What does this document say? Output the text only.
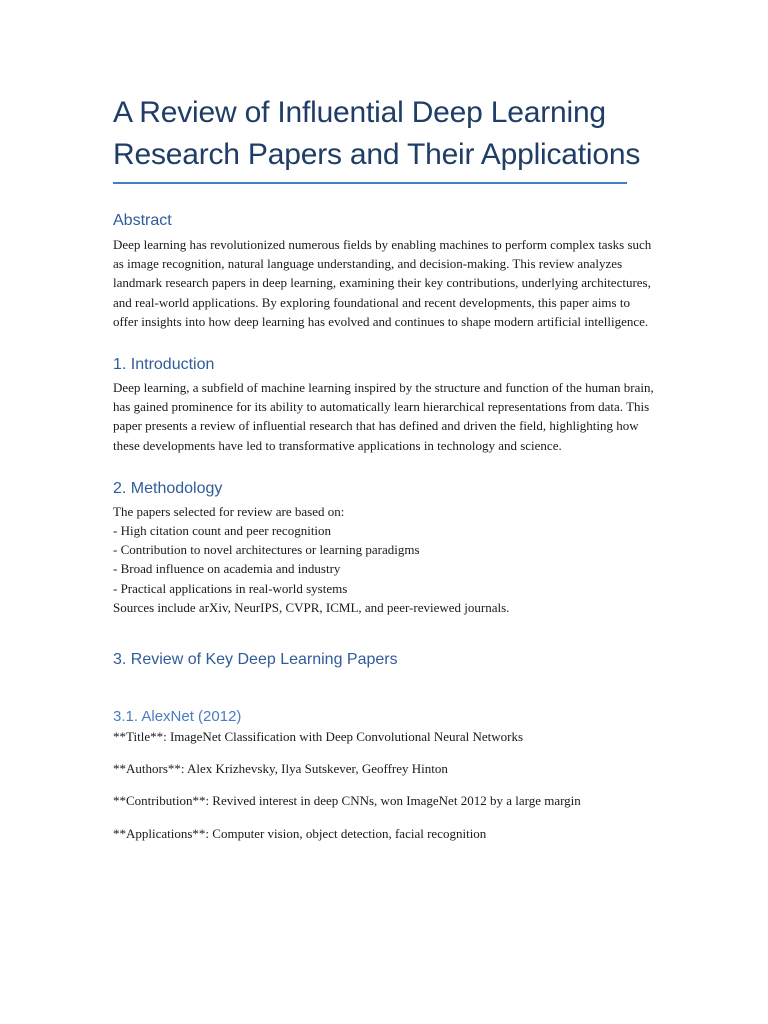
A Review of Influential Deep Learning Research Papers and Their Applications
Abstract

Deep learning has revolutionized numerous fields by enabling machines to perform complex tasks such as image recognition, natural language understanding, and decision-making. This review analyzes landmark research papers in deep learning, examining their key contributions, underlying architectures, and real-world applications. By exploring foundational and recent developments, this paper aims to offer insights into how deep learning has evolved and continues to shape modern artificial intelligence.

1. Introduction

Deep learning, a subfield of machine learning inspired by the structure and function of the human brain, has gained prominence for its ability to automatically learn hierarchical representations from data. This paper presents a review of influential research that has defined and driven the field, highlighting how these developments have led to transformative applications in technology and science.

2. Methodology
The papers selected for review are based on:
- High citation count and peer recognition
- Contribution to novel architectures or learning paradigms
- Broad influence on academia and industry
- Practical applications in real-world systems
Sources include arXiv, NeurIPS, CVPR, ICML, and peer-reviewed journals.
3. Review of Key Deep Learning Papers
3.1. AlexNet (2012)

**Title**: ImageNet Classification with Deep Convolutional Neural Networks

**Authors**: Alex Krizhevsky, Ilya Sutskever, Geoffrey Hinton

**Contribution**: Revived interest in deep CNNs, won ImageNet 2012 by a large margin

**Applications**: Computer vision, object detection, facial recognition
